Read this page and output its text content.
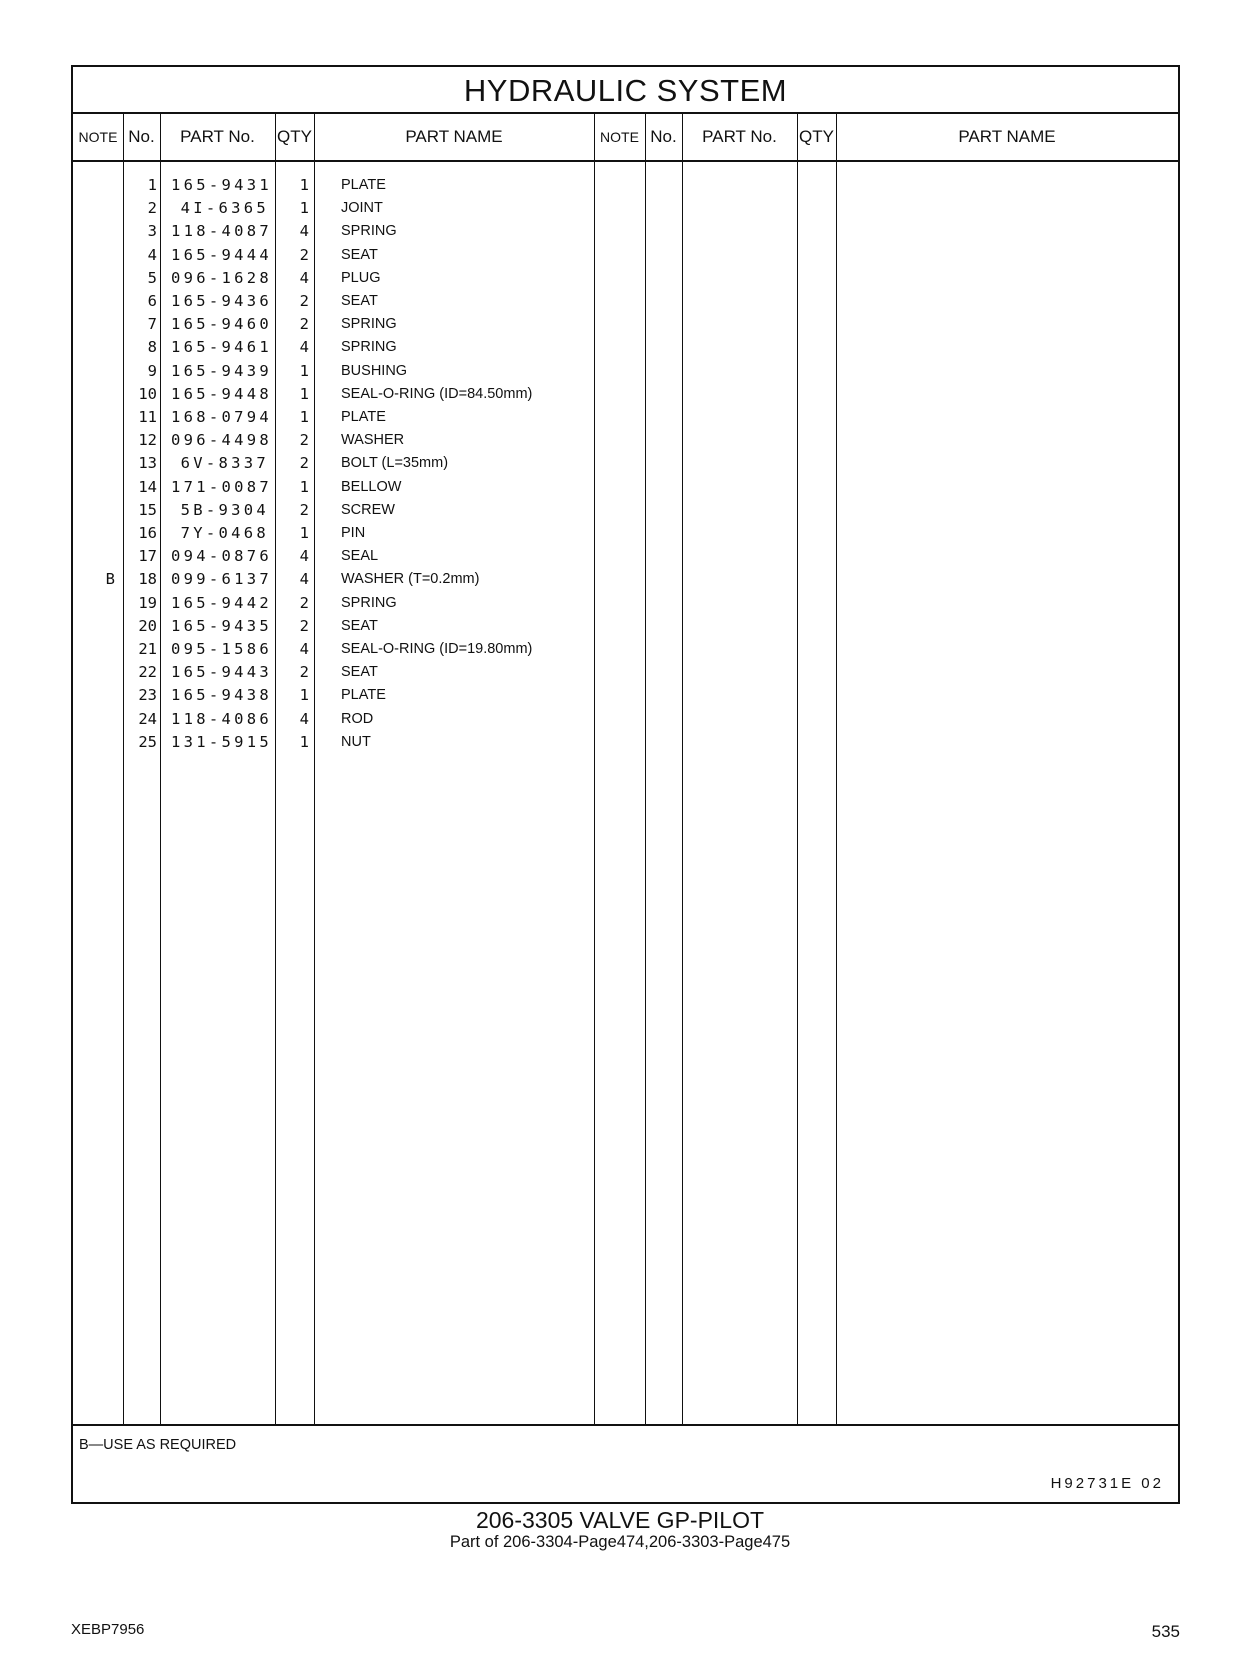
HYDRAULIC SYSTEM
NOTE No.	PART No.	QTY	PART NAME	NOTE No.	PART No.	QTY	PART NAME
1 165-9431	1 PLATE
2	4I-6365	1 JOINT
3 118-4087	4 SPRING
4 165-9444	2 SEAT
5 096-1628	4 PLUG
6 165-9436	2 SEAT
7 165-9460	2 SPRING
8 165-9461	4 SPRING
9 165-9439	1 BUSHING
10 165-9448	1 SEAL-O-RING (ID=84.50mm)
11 168-0794	1 PLATE
12 096-4498	2 WASHER
13	6V-8337	2 BOLT (L=35mm)
14 171-0087	1 BELLOW
15	5B-9304	2 SCREW
16	7Y-0468	1 PIN
17 094-0876	4 SEAL
B	18 099-6137	4 WASHER (T=0.2mm)
19 165-9442	2 SPRING
20 165-9435	2 SEAT
21 095-1586	4 SEAL-O-RING (ID=19.80mm)
22 165-9443	2 SEAT
23 165-9438	1 PLATE
24 118-4086	4 ROD
25 131-5915	1 NUT
B—USE AS REQUIRED
H92731E 02
206-3305 VALVE GP-PILOT
Part of 206-3304-Page474,206-3303-Page475
XEBP7956	535
